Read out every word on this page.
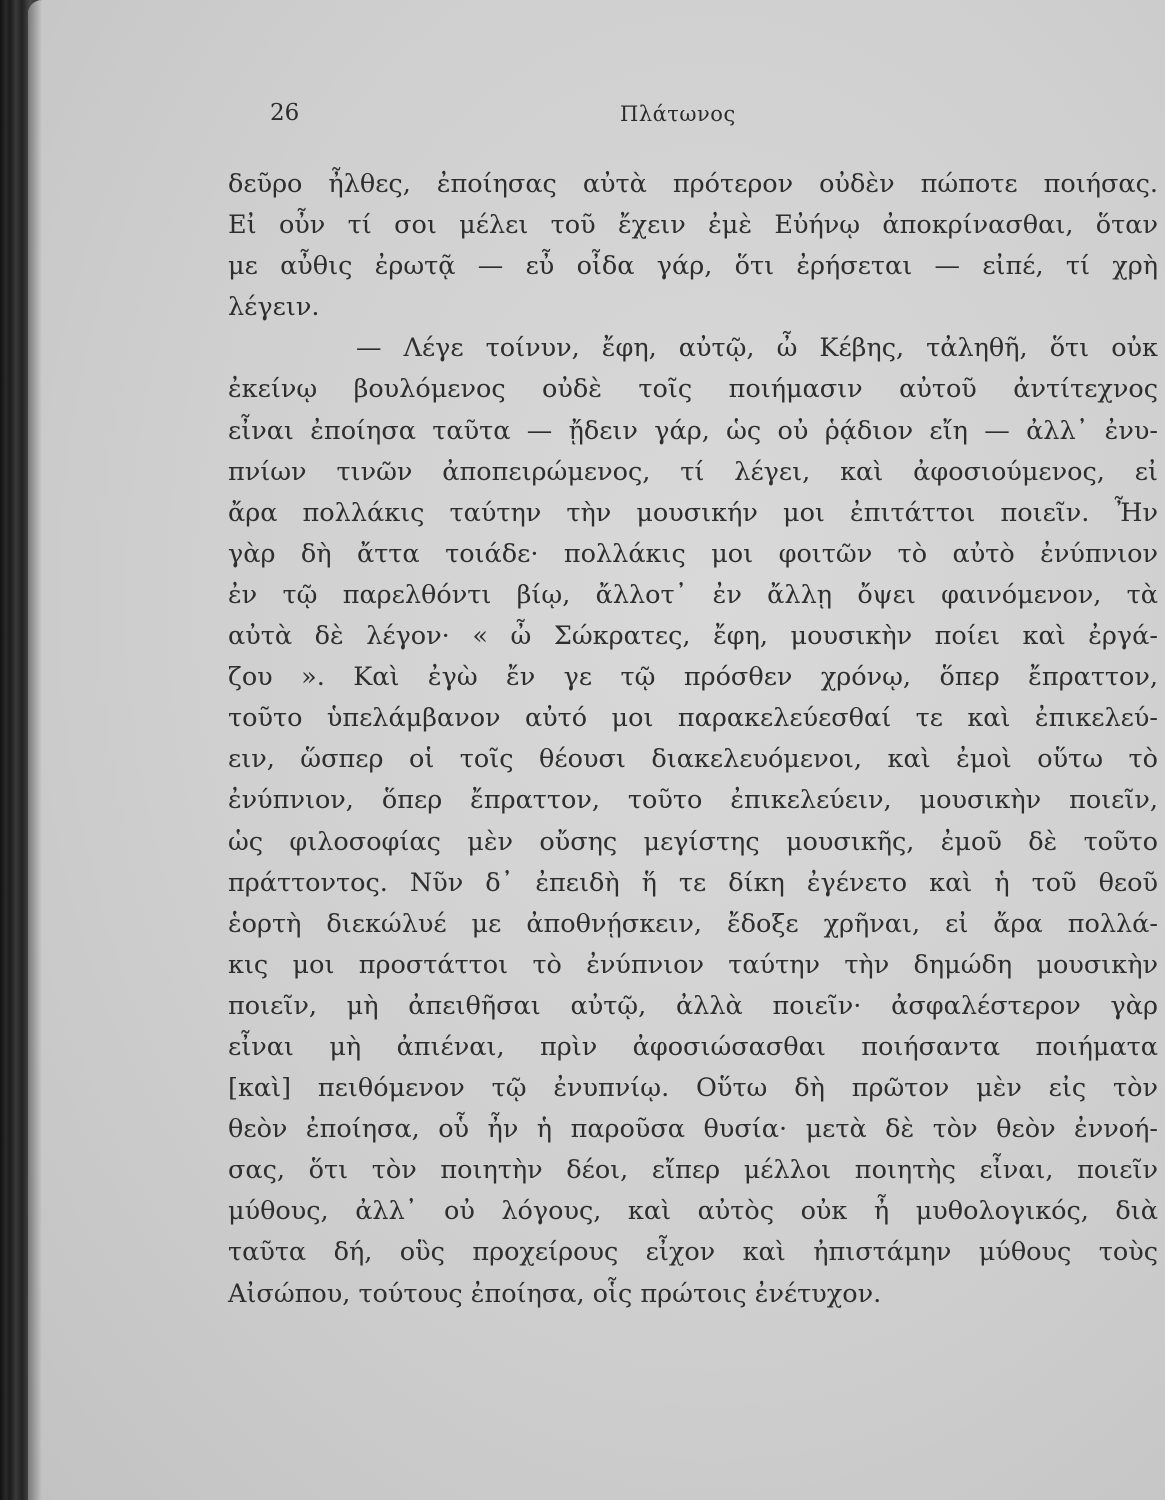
26	Πλάτωνος
δεῦρο ἦλθες, ἐποίησας αὐτὰ πρότερον οὐδὲν πώποτε ποιήσας.
Εἰ οὖν τί σοι μέλει τοῦ ἔχειν ἐμὲ Εὐήνῳ ἀποκρίνασθαι, ὅταν
με αὖθις ἐρωτᾷ — εὖ οἶδα γάρ, ὅτι ἐρήσεται — εἰπέ, τί χρὴ
λέγειν.
— Λέγε τοίνυν, ἔφη, αὐτῷ, ὦ Κέβης, τἀληθῆ, ὅτι οὐκ
ἐκείνῳ βουλόμενος οὐδὲ τοῖς ποιήμασιν αὐτοῦ ἀντίτεχνος
εἶναι ἐποίησα ταῦτα — ᾔδειν γάρ, ὡς οὐ ῥᾴδιον εἴη — ἀλλ᾽ ἐνυ-
πνίων τινῶν ἀποπειρώμενος, τί λέγει, καὶ ἀφοσιούμενος, εἰ
ἄρα πολλάκις ταύτην τὴν μουσικήν μοι ἐπιτάττοι ποιεῖν. Ἦν
γὰρ δὴ ἄττα τοιάδε· πολλάκις μοι φοιτῶν τὸ αὐτὸ ἐνύπνιον
ἐν τῷ παρελθόντι βίῳ, ἄλλοτ᾽ ἐν ἄλλῃ ὄψει φαινόμενον, τὰ
αὐτὰ δὲ λέγον· « ὦ Σώκρατες, ἔφη, μουσικὴν ποίει καὶ ἐργά-
ζου ». Καὶ ἐγὼ ἔν γε τῷ πρόσθεν χρόνῳ, ὅπερ ἔπραττον,
τοῦτο ὑπελάμβανον αὐτό μοι παρακελεύεσθαί τε καὶ ἐπικελεύ-
ειν, ὥσπερ οἱ τοῖς θέουσι διακελευόμενοι, καὶ ἐμοὶ οὕτω τὸ
ἐνύπνιον, ὅπερ ἔπραττον, τοῦτο ἐπικελεύειν, μουσικὴν ποιεῖν,
ὡς φιλοσοφίας μὲν οὔσης μεγίστης μουσικῆς, ἐμοῦ δὲ τοῦτο
πράττοντος. Νῦν δ᾽ ἐπειδὴ ἥ τε δίκη ἐγένετο καὶ ἡ τοῦ θεοῦ
ἑορτὴ διεκώλυέ με ἀποθνῄσκειν, ἔδοξε χρῆναι, εἰ ἄρα πολλά-
κις μοι προστάττοι τὸ ἐνύπνιον ταύτην τὴν δημώδη μουσικὴν
ποιεῖν, μὴ ἀπειθῆσαι αὐτῷ, ἀλλὰ ποιεῖν· ἀσφαλέστερον γὰρ
εἶναι μὴ ἀπιέναι, πρὶν ἀφοσιώσασθαι ποιήσαντα ποιήματα
[καὶ] πειθόμενον τῷ ἐνυπνίῳ. Οὕτω δὴ πρῶτον μὲν εἰς τὸν
θεὸν ἐποίησα, οὗ ἦν ἡ παροῦσα θυσία· μετὰ δὲ τὸν θεὸν ἐννοή-
σας, ὅτι τὸν ποιητὴν δέοι, εἴπερ μέλλοι ποιητὴς εἶναι, ποιεῖν
μύθους, ἀλλ᾽ οὐ λόγους, καὶ αὐτὸς οὐκ ἦ μυθολογικός, διὰ
ταῦτα δή, οὓς προχείρους εἶχον καὶ ἠπιστάμην μύθους τοὺς
Αἰσώπου, τούτους ἐποίησα, οἷς πρώτοις ἐνέτυχον.
